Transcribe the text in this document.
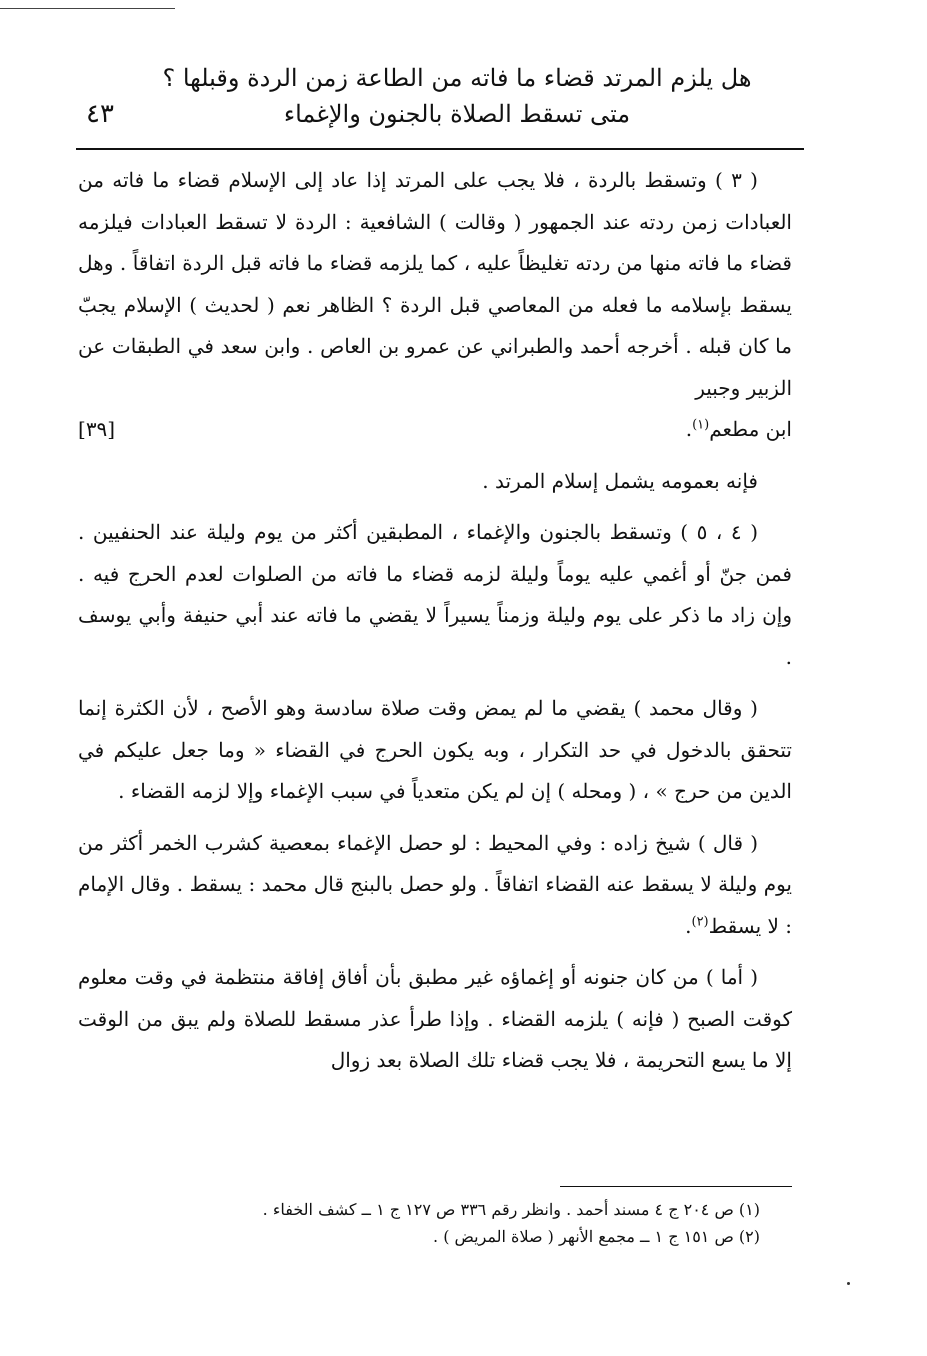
هل يلزم المرتد قضاء ما فاته من الطاعة زمن الردة وقبلها ؟
متى تسقط الصلاة بالجنون والإغماء
٤٣

( ٣ ) وتسقط بالردة ، فلا يجب على المرتد إذا عاد إلى الإسلام قضاء ما فاته من العبادات زمن ردته عند الجمهور ( وقالت ) الشافعية : الردة لا تسقط العبادات فيلزمه قضاء ما فاته منها من ردته تغليظاً عليه ، كما يلزمه قضاء ما فاته قبل الردة اتفاقاً . وهل يسقط بإسلامه ما فعله من المعاصي قبل الردة ؟ الظاهر نعم ( لحديث ) الإسلام يجبّ ما كان قبله . أخرجه أحمد والطبراني عن عمرو بن العاص . وابن سعد في الطبقات عن الزبير وجبير

ابن مطعم$^{(١)}$.
[٣٩]

فإنه بعمومه يشمل إسلام المرتد .

( ٤ ، ٥ ) وتسقط بالجنون والإغماء ، المطبقين أكثر من يوم وليلة عند الحنفيين . فمن جنّ أو أغمي عليه يوماً وليلة لزمه قضاء ما فاته من الصلوات لعدم الحرج فيه . وإن زاد ما ذكر على يوم وليلة وزمناً يسيراً لا يقضي ما فاته عند أبي حنيفة وأبي يوسف .

( وقال محمد ) يقضي ما لم يمض وقت صلاة سادسة وهو الأصح ، لأن الكثرة إنما تتحقق بالدخول في حد التكرار ، وبه يكون الحرج في القضاء « وما جعل عليكم في الدين من حرج » ، ( ومحله ) إن لم يكن متعدياً في سبب الإغماء وإلا لزمه القضاء .

( قال ) شيخ زاده : وفي المحيط : لو حصل الإغماء بمعصية كشرب الخمر أكثر من يوم وليلة لا يسقط عنه القضاء اتفاقاً . ولو حصل بالبنج قال محمد : يسقط . وقال الإمام : لا يسقط$^{(٢)}$.

( أما ) من كان جنونه أو إغماؤه غير مطبق بأن أفاق إفاقة منتظمة في وقت معلوم كوقت الصبح ( فإنه ) يلزمه القضاء . وإذا طرأ عذر مسقط للصلاة ولم يبق من الوقت إلا ما يسع التحريمة ، فلا يجب قضاء تلك الصلاة بعد زوال

(١) ص ٢٠٤ ج ٤ مسند أحمد . وانظر رقم ٣٣٦ ص ١٢٧ ج ١ ــ كشف الخفاء .

(٢) ص ١٥١ ج ١ ــ مجمع الأنهر ( صلاة المريض ) .
